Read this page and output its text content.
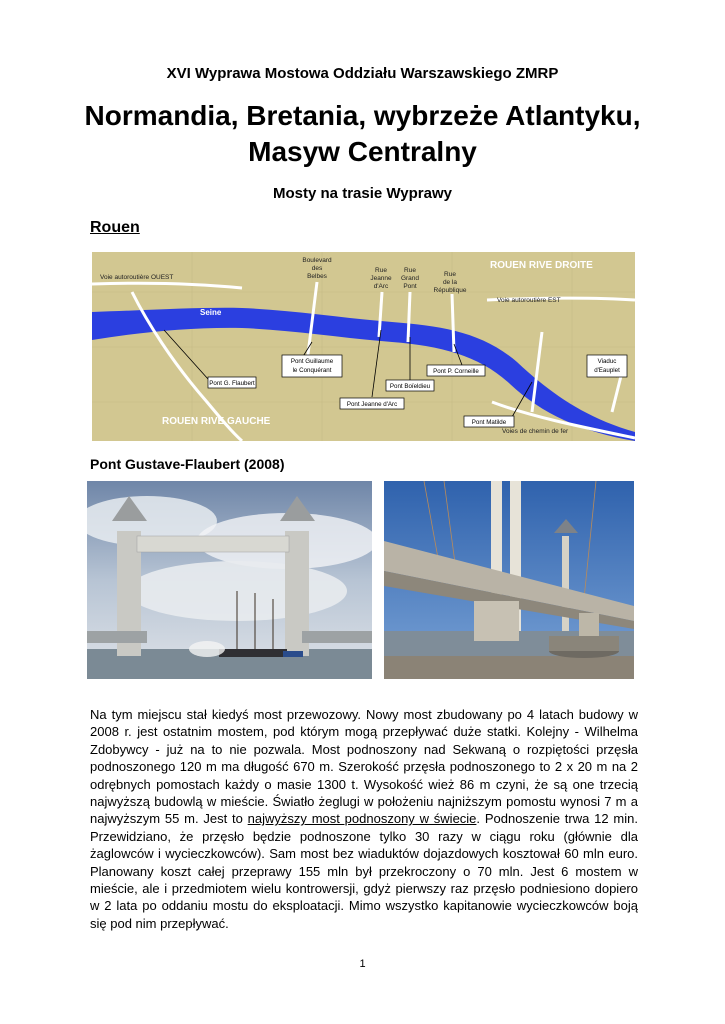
XVI Wyprawa Mostowa Oddziału Warszawskiego ZMRP
Normandia, Bretania, wybrzeże Atlantyku,
Masyw Centralny
Mosty na trasie Wyprawy
Rouen
Voie autoroutière OUEST
Voie autoroutière EST
Voies de chemin de fer
Boulevard
des
Belbes
Rue
Jeanne
d'Arc
Rue
Grand
Pont
Rue
de la
République
Seine
ROUEN RIVE DROITE
ROUEN RIVE GAUCHE
Pont Guillaume
le Conquérant
Pont G. Flaubert	Pont Boïeldieu
Pont Jeanne d'Arc
Pont P. Corneille
Pont Matilde
Viaduc
d'Eauplet
Pont Gustave-Flaubert (2008)
Na tym miejscu stał kiedyś most przewozowy. Nowy most zbudowany po 4 latach budowy w 2008 r. jest ostatnim mostem, pod którym mogą przepływać duże statki. Kolejny - Wilhelma Zdobywcy - już na to nie pozwala. Most podnoszony nad Sekwaną o rozpiętości przęsła podnoszonego 120 m ma długość 670 m. Szerokość przęsła podnoszonego to 2 x 20 m na 2 odrębnych pomostach każdy o masie 1300 t. Wysokość wież 86 m czyni, że są one trzecią najwyższą budowlą w mieście. Światło żeglugi w położeniu najniższym pomostu wynosi 7 m a najwyższym 55 m. Jest to najwyższy most podnoszony w świecie. Podnoszenie trwa 12 min. Przewidziano, że przęsło będzie podnoszone tylko 30 razy w ciągu roku (głównie dla żaglowców i wycieczkowców). Sam most bez wiaduktów dojazdowych kosztował 60 mln euro. Planowany koszt całej przeprawy 155 mln był przekroczony o 70 mln. Jest 6 mostem w mieście, ale i przedmiotem wielu kontrowersji, gdyż pierwszy raz przęsło podniesiono dopiero w 2 lata po oddaniu mostu do eksploatacji. Mimo wszystko kapitanowie wycieczkowców boją się pod nim przepływać.
1
